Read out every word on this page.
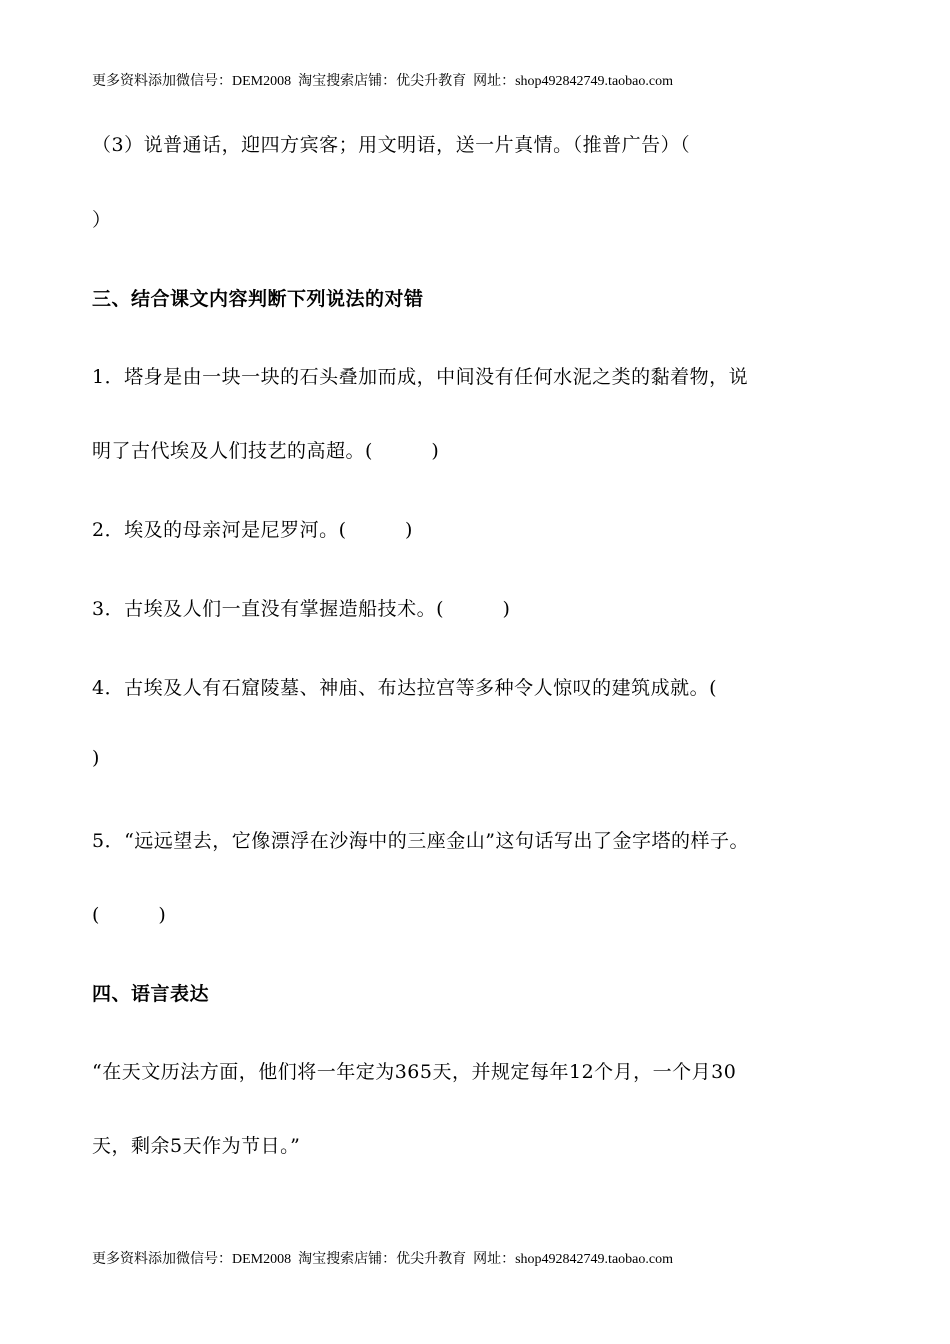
更多资料添加微信号：DEM2008  淘宝搜索店铺：优尖升教育  网址：shop492842749.taobao.com
（3）说普通话，迎四方宾客；用文明语，送一片真情。（推普广告）（
）
三、结合课文内容判断下列说法的对错
1．塔身是由一块一块的石头叠加而成，中间没有任何水泥之类的黏着物，说
明了古代埃及人们技艺的高超。(　　　)
2．埃及的母亲河是尼罗河。(　　　)
3．古埃及人们一直没有掌握造船技术。(　　　)
4．古埃及人有石窟陵墓、神庙、布达拉宫等多种令人惊叹的建筑成就。(
)
5．“远远望去，它像漂浮在沙海中的三座金山”这句话写出了金字塔的样子。
(　　　)
四、语言表达
“在天文历法方面，他们将一年定为365天，并规定每年12个月，一个月30
天，剩余5天作为节日。”
更多资料添加微信号：DEM2008  淘宝搜索店铺：优尖升教育  网址：shop492842749.taobao.com
